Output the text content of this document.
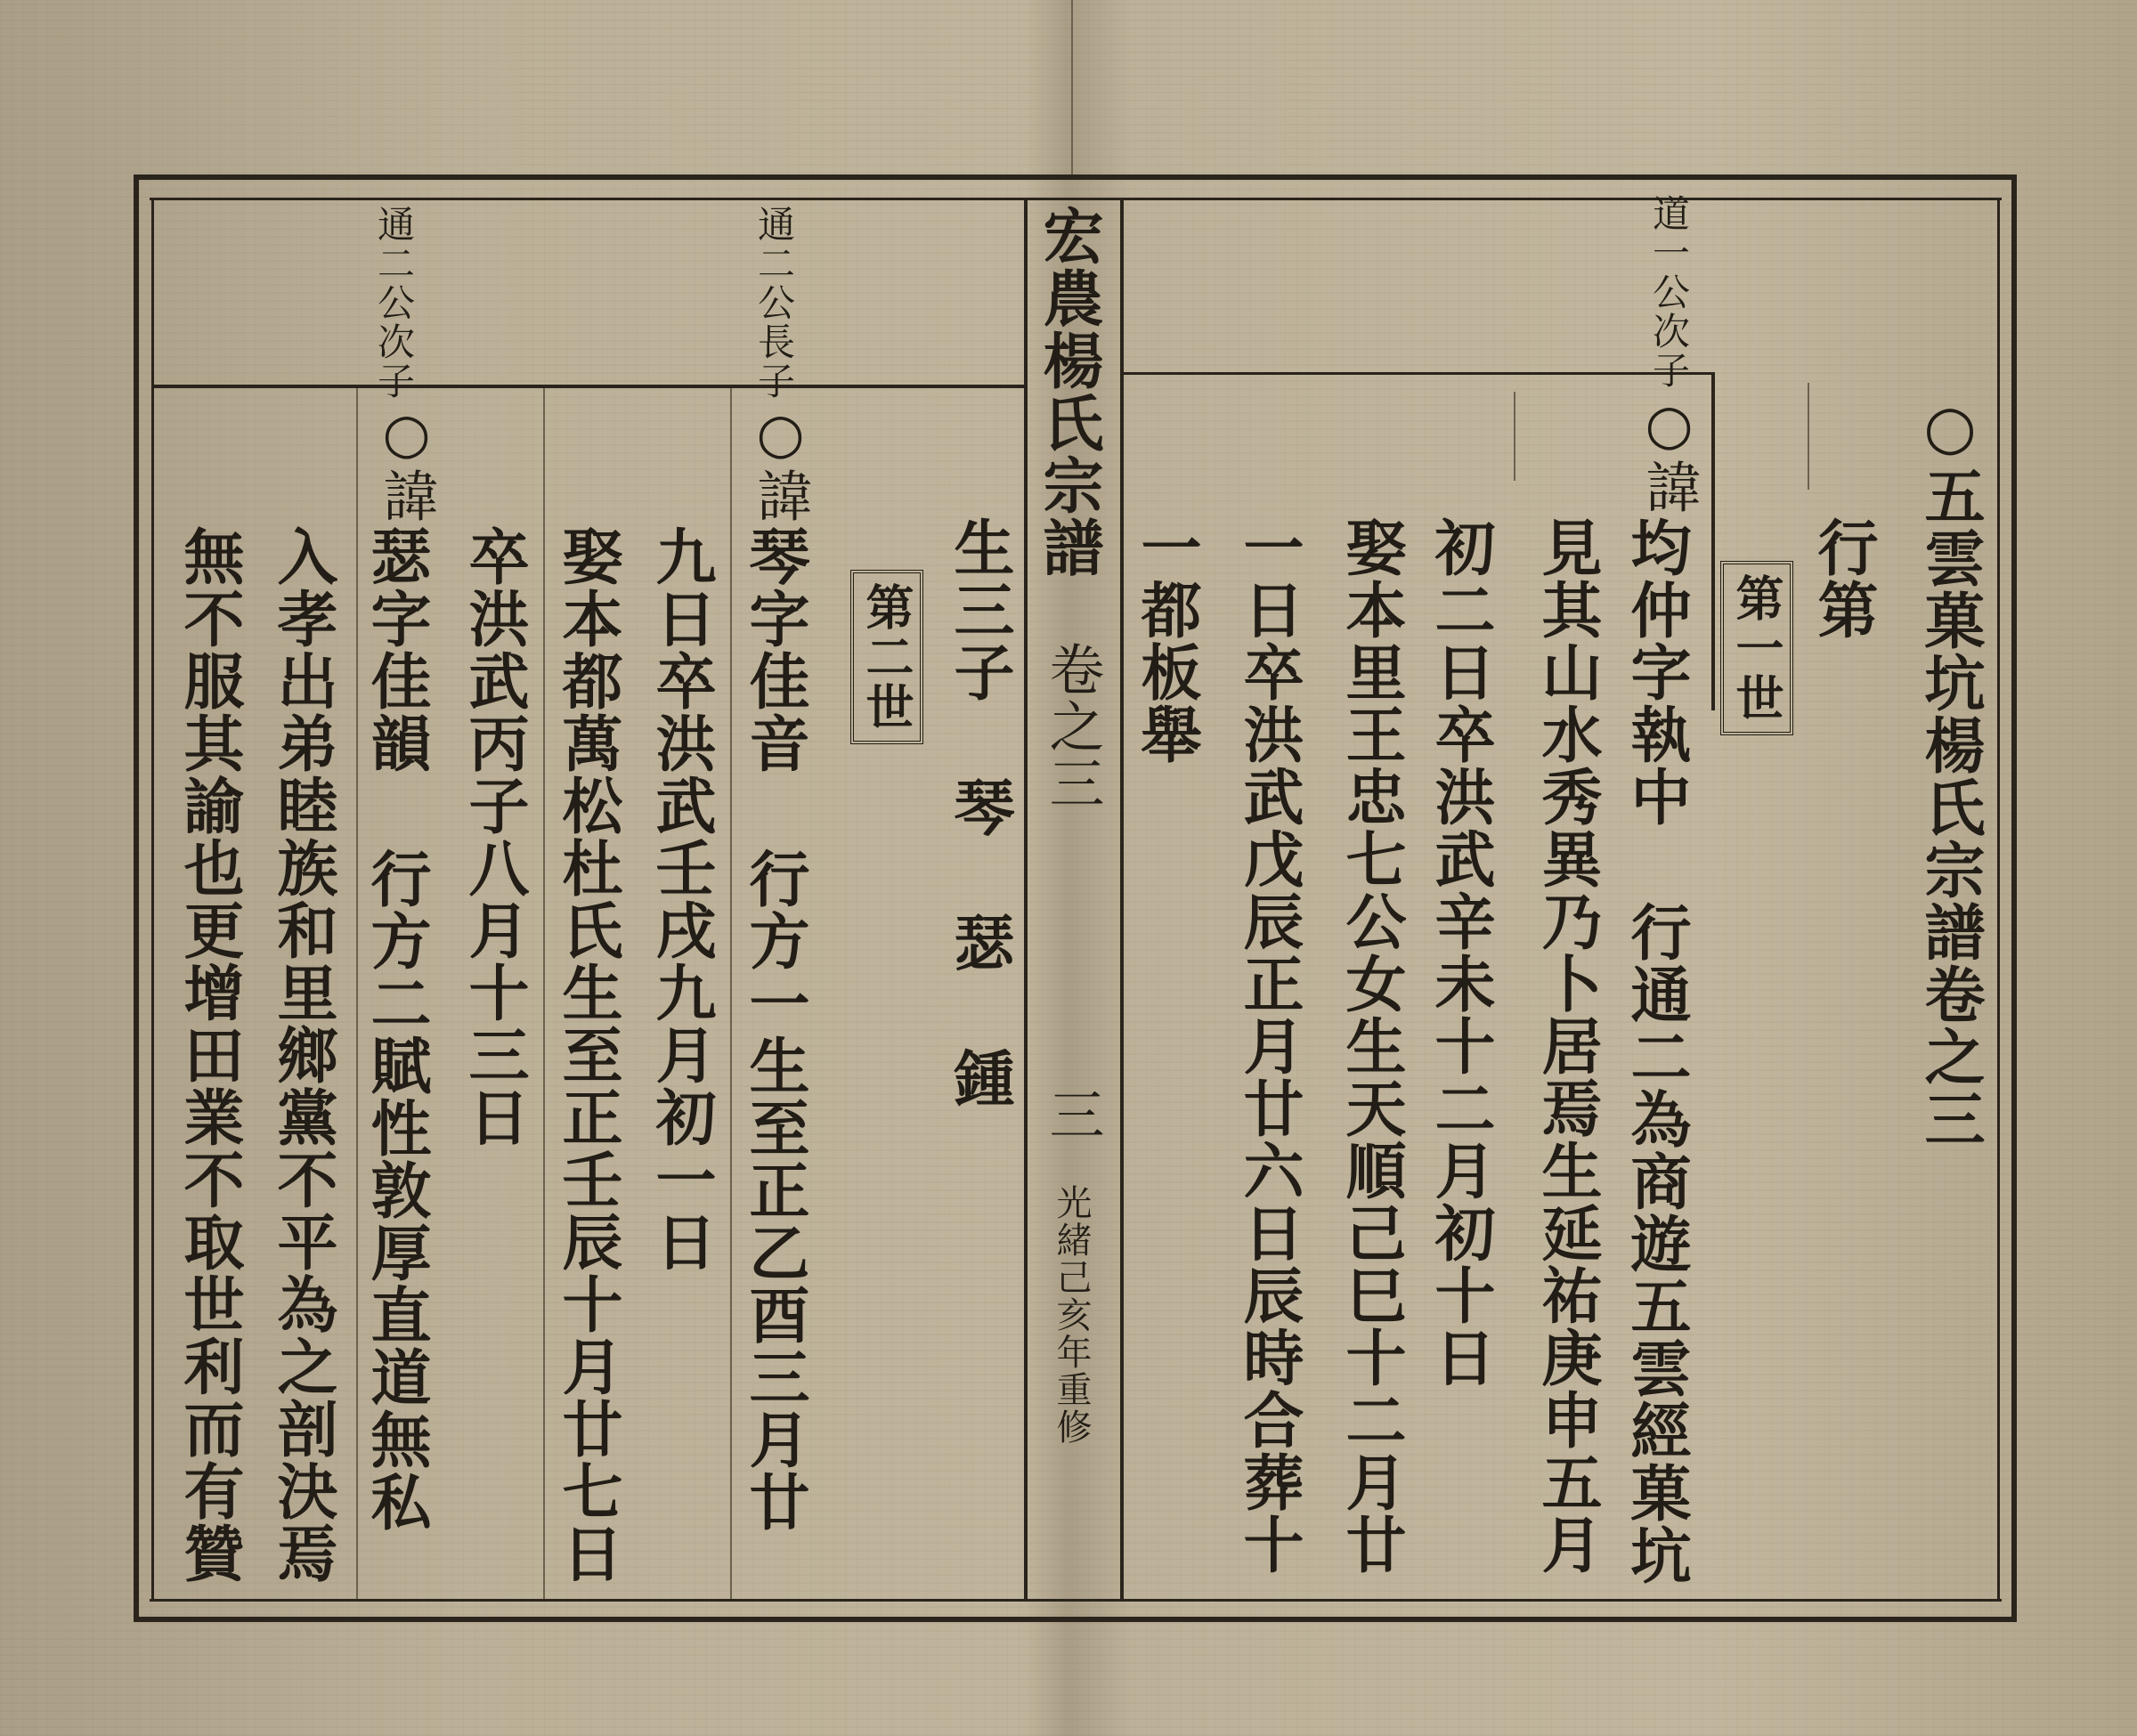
○五雲菓坑楊氏宗譜卷之三
行第
第一世
道一公次子
○諱
均仲字執中 行通二為商遊五雲經菓坑
見其山水秀異乃卜居焉生延祐庚申五月
初二日卒洪武辛未十二月初十日
娶本里王忠七公女生天順己巳十二月廿
一日卒洪武戊辰正月廿六日辰時合葬十
一都板舉
宏農楊氏宗譜
卷之三
三
光緒己亥年重修
通二公長子
通二公次子
生三子 琴 瑟 鍾
第二世
○諱
琴字佳音 行方一生至正乙酉三月廿
九日卒洪武壬戌九月初一日
娶本都萬松杜氏生至正壬辰十月廿七日
卒洪武丙子八月十三日
○諱
瑟字佳韻 行方二賦性敦厚直道無私
入孝出弟睦族和里鄉黨不平為之剖決焉
無不服其諭也更增田業不取世利而有贊
